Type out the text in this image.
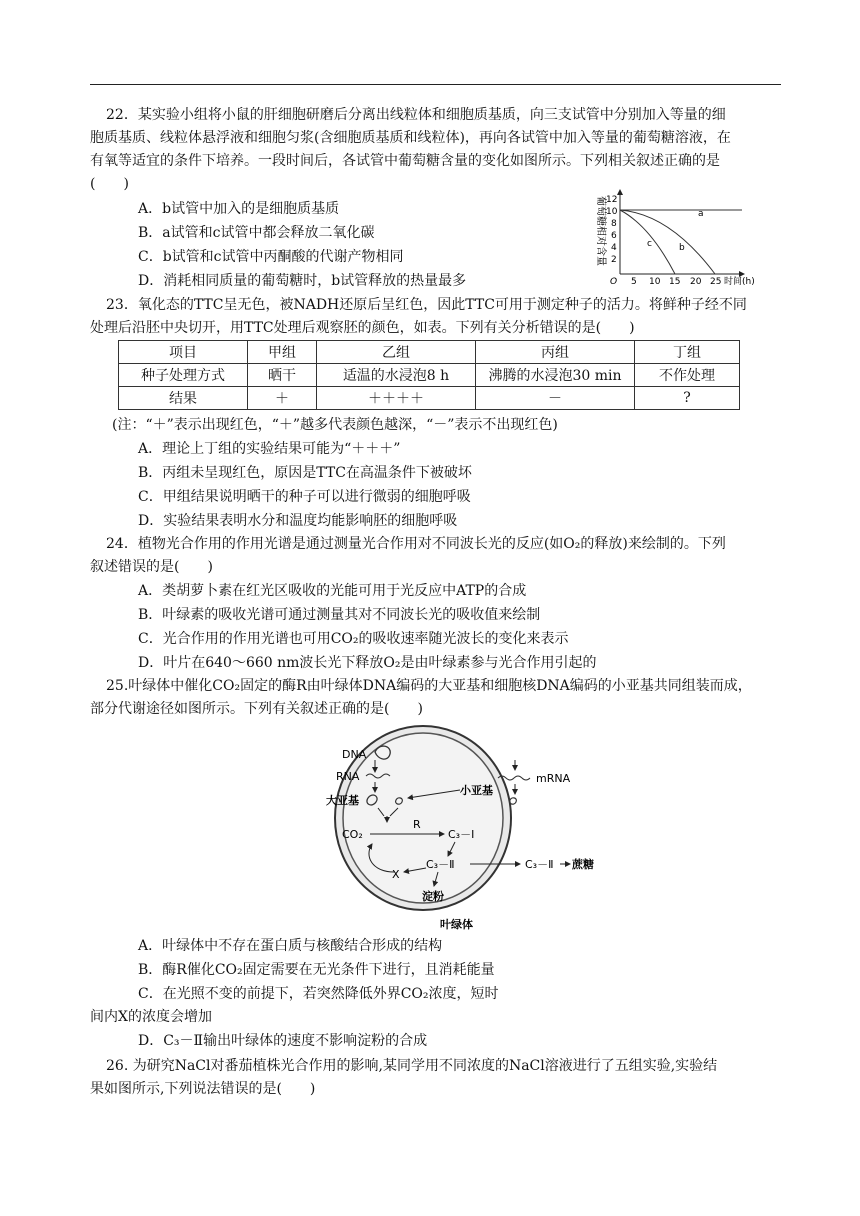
22．某实验小组将小鼠的肝细胞研磨后分离出线粒体和细胞质基质，向三支试管中分别加入等量的细
胞质基质、线粒体悬浮液和细胞匀浆(含细胞质基质和线粒体)，再向各试管中加入等量的葡萄糖溶液，在
有氧等适宜的条件下培养。一段时间后，各试管中葡萄糖含量的变化如图所示。下列相关叙述正确的是
(　　)
A．b试管中加入的是细胞质基质
B．a试管和c试管中都会释放二氧化碳
C．b试管和c试管中丙酮酸的代谢产物相同
D．消耗相同质量的葡萄糖时，b试管释放的热量最多
葡萄糖相对含量
O
12
10
8
6
4
2
5 10 15 20 25 时间(h)
a
b
c
23．氧化态的TTC呈无色，被NADH还原后呈红色，因此TTC可用于测定种子的活力。将鲜种子经不同
处理后沿胚中央切开，用TTC处理后观察胚的颜色，如表。下列有关分析错误的是(　　)
项目	甲组	乙组	丙组	丁组
种子处理方式	晒干	适温的水浸泡8 h	沸腾的水浸泡30 min	不作处理
结果	＋	＋＋＋＋	－	?
(注：“＋”表示出现红色，“＋”越多代表颜色越深，“－”表示不出现红色)
A．理论上丁组的实验结果可能为“＋＋＋”
B．丙组未呈现红色，原因是TTC在高温条件下被破坏
C．甲组结果说明晒干的种子可以进行微弱的细胞呼吸
D．实验结果表明水分和温度均能影响胚的细胞呼吸
24．植物光合作用的作用光谱是通过测量光合作用对不同波长光的反应(如O₂的释放)来绘制的。下列
叙述错误的是(　　)
A．类胡萝卜素在红光区吸收的光能可用于光反应中ATP的合成
B．叶绿素的吸收光谱可通过测量其对不同波长光的吸收值来绘制
C．光合作用的作用光谱也可用CO₂的吸收速率随光波长的变化来表示
D．叶片在640～660 nm波长光下释放O₂是由叶绿素参与光合作用引起的
25.叶绿体中催化CO₂固定的酶R由叶绿体DNA编码的大亚基和细胞核DNA编码的小亚基共同组装而成，
部分代谢途径如图所示。下列有关叙述正确的是(　　)
DNA
RNA
大亚基
小亚基
mRNA
R
CO₂	C₃－Ⅰ
C₃－Ⅱ	C₃－Ⅱ 蔗糖
X
淀粉
叶绿体
A．叶绿体中不存在蛋白质与核酸结合形成的结构
B．酶R催化CO₂固定需要在无光条件下进行，且消耗能量
C．在光照不变的前提下，若突然降低外界CO₂浓度，短时
间内X的浓度会增加
D．C₃－Ⅱ输出叶绿体的速度不影响淀粉的合成
26. 为研究NaCl对番茄植株光合作用的影响,某同学用不同浓度的NaCl溶液进行了五组实验,实验结
果如图所示,下列说法错误的是(　　)
